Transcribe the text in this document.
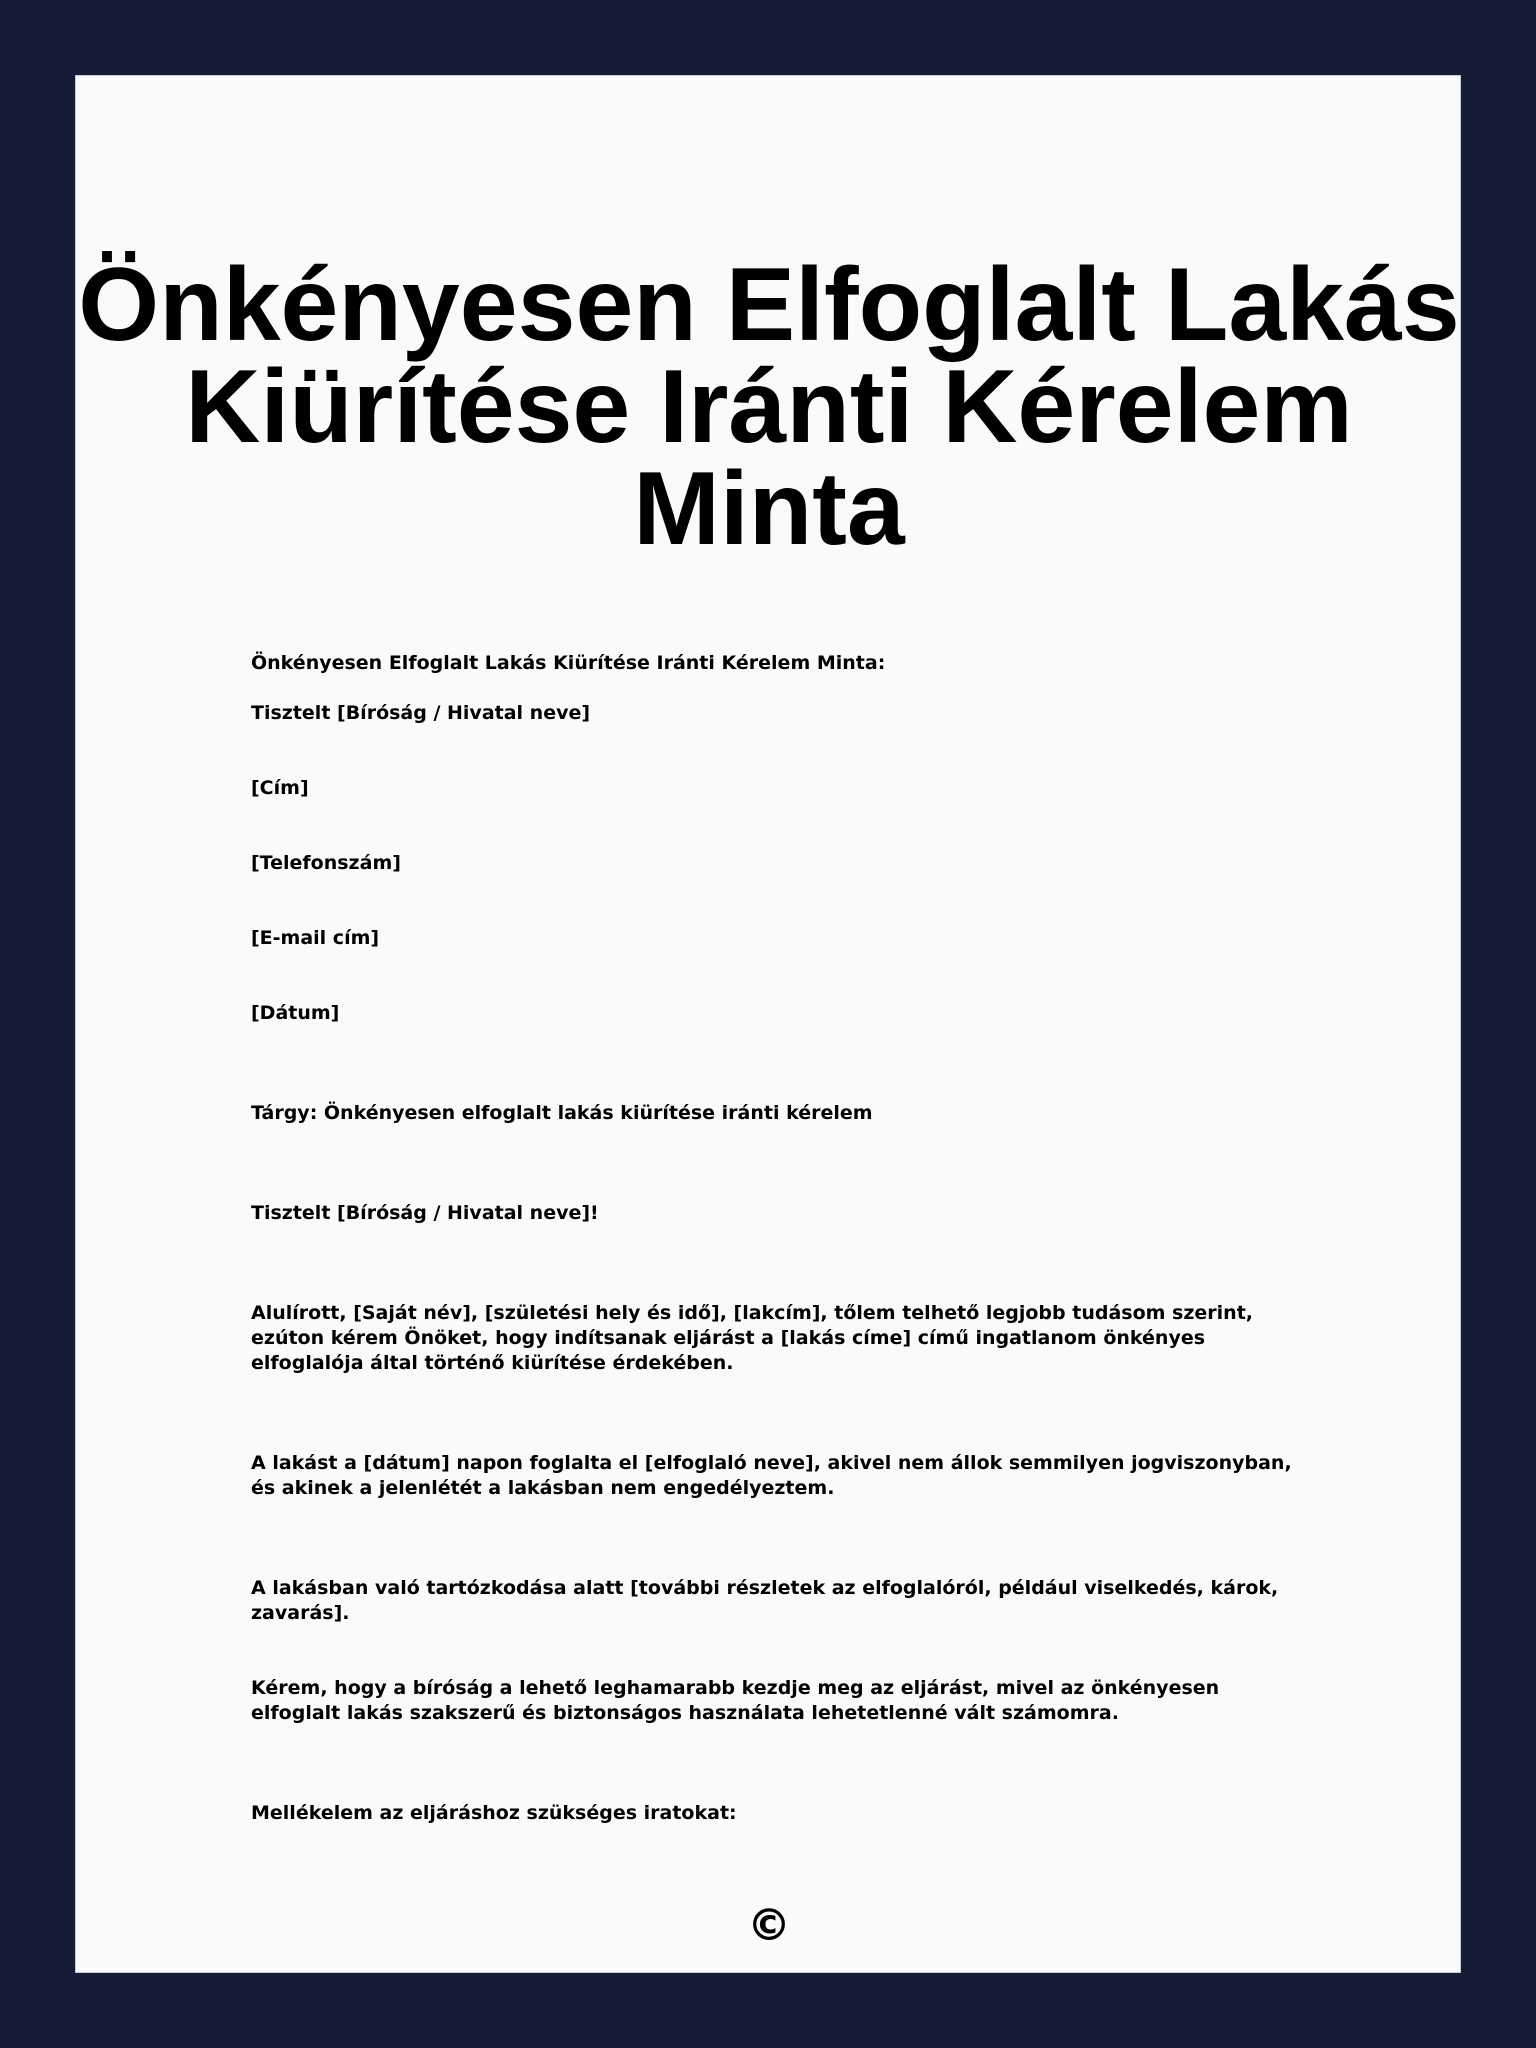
Önkényesen Elfoglalt Lakás
Kiürítése Iránti Kérelem
Minta

Önkényesen Elfoglalt Lakás Kiürítése Iránti Kérelem Minta:

Tisztelt [Bíróság / Hivatal neve]

[Cím]

[Telefonszám]

[E-mail cím]

[Dátum]

Tárgy: Önkényesen elfoglalt lakás kiürítése iránti kérelem

Tisztelt [Bíróság / Hivatal neve]!

Alulírott, [Saját név], [születési hely és idő], [lakcím], tőlem telhető legjobb tudásom szerint, ezúton kérem Önöket, hogy indítsanak eljárást a [lakás címe] című ingatlanom önkényes elfoglalója által történő kiürítése érdekében.

A lakást a [dátum] napon foglalta el [elfoglaló neve], akivel nem állok semmilyen jogviszonyban, és akinek a jelenlétét a lakásban nem engedélyeztem.

A lakásban való tartózkodása alatt [további részletek az elfoglalóról, például viselkedés, károk, zavarás].

Kérem, hogy a bíróság a lehető leghamarabb kezdje meg az eljárást, mivel az önkényesen elfoglalt lakás szakszerű és biztonságos használata lehetetlenné vált számomra.

Mellékelem az eljáráshoz szükséges iratokat:

©
